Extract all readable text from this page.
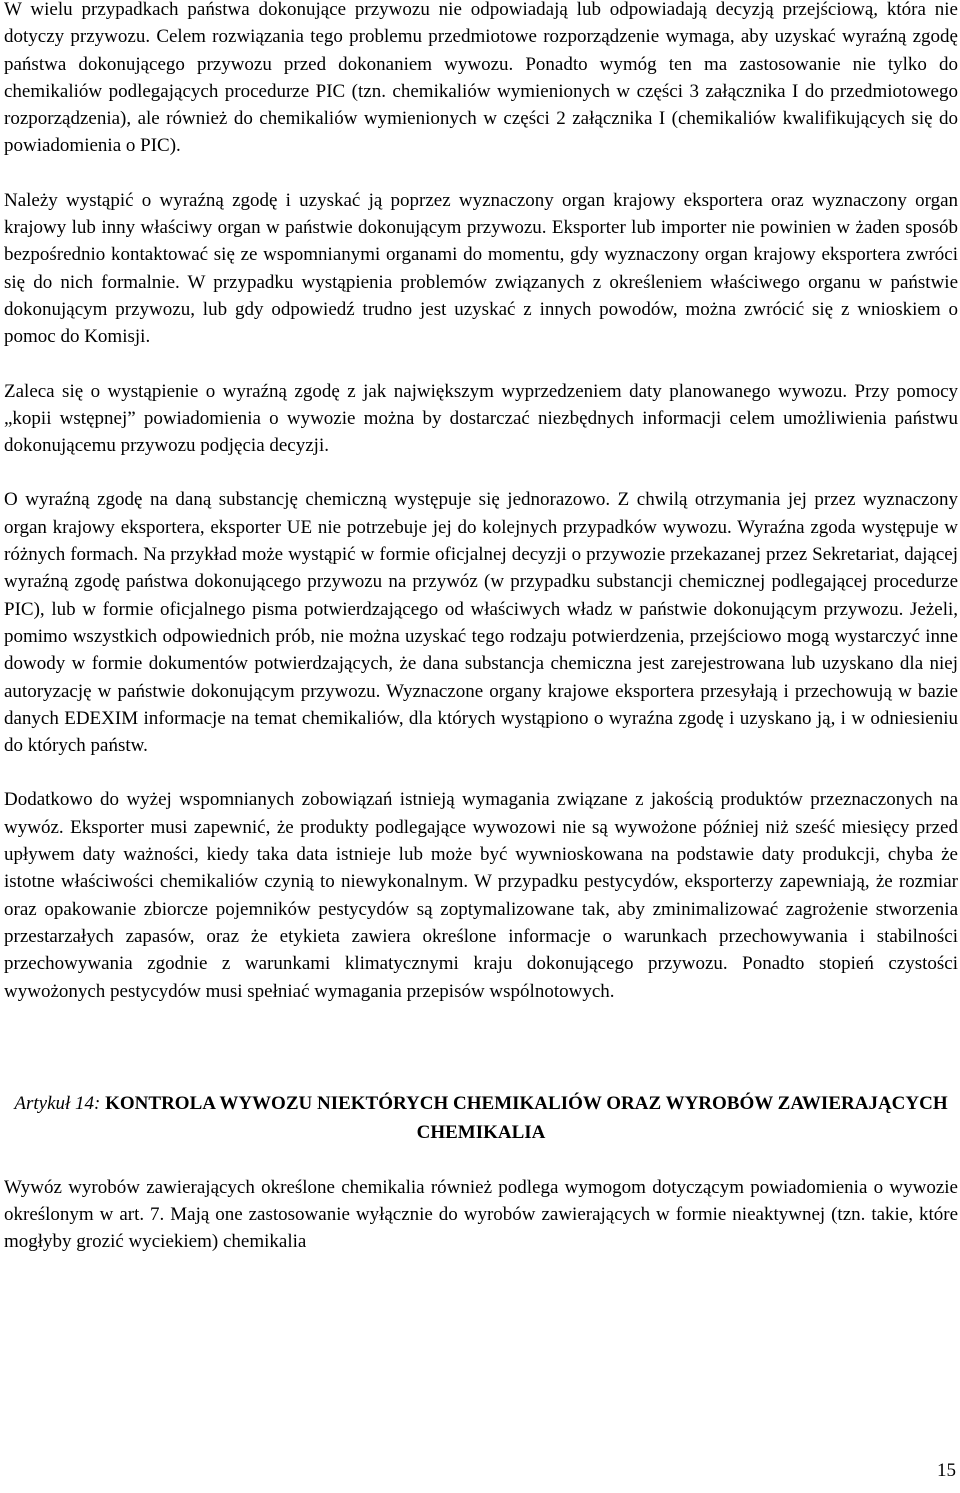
W wielu przypadkach państwa dokonujące przywozu nie odpowiadają lub odpowiadają decyzją przejściową, która nie dotyczy przywozu. Celem rozwiązania tego problemu przedmiotowe rozporządzenie wymaga, aby uzyskać wyraźną zgodę państwa dokonującego przywozu przed dokonaniem wywozu. Ponadto wymóg ten ma zastosowanie nie tylko do chemikaliów podlegających procedurze PIC (tzn. chemikaliów wymienionych w części 3 załącznika I do przedmiotowego rozporządzenia), ale również do chemikaliów wymienionych w części 2 załącznika I (chemikaliów kwalifikujących się do powiadomienia o PIC).

Należy wystąpić o wyraźną zgodę i uzyskać ją poprzez wyznaczony organ krajowy eksportera oraz wyznaczony organ krajowy lub inny właściwy organ w państwie dokonującym przywozu. Eksporter lub importer nie powinien w żaden sposób bezpośrednio kontaktować się ze wspomnianymi organami do momentu, gdy wyznaczony organ krajowy eksportera zwróci się do nich formalnie. W przypadku wystąpienia problemów związanych z określeniem właściwego organu w państwie dokonującym przywozu, lub gdy odpowiedź trudno jest uzyskać z innych powodów, można zwrócić się z wnioskiem o pomoc do Komisji.

Zaleca się o wystąpienie o wyraźną zgodę z jak największym wyprzedzeniem daty planowanego wywozu. Przy pomocy „kopii wstępnej” powiadomienia o wywozie można by dostarczać niezbędnych informacji celem umożliwienia państwu dokonującemu przywozu podjęcia decyzji.

O wyraźną zgodę na daną substancję chemiczną występuje się jednorazowo. Z chwilą otrzymania jej przez wyznaczony organ krajowy eksportera, eksporter UE nie potrzebuje jej do kolejnych przypadków wywozu. Wyraźna zgoda występuje w różnych formach. Na przykład może wystąpić w formie oficjalnej decyzji o przywozie przekazanej przez Sekretariat, dającej wyraźną zgodę państwa dokonującego przywozu na przywóz (w przypadku substancji chemicznej podlegającej procedurze PIC), lub w formie oficjalnego pisma potwierdzającego od właściwych władz w państwie dokonującym przywozu. Jeżeli, pomimo wszystkich odpowiednich prób, nie można uzyskać tego rodzaju potwierdzenia, przejściowo mogą wystarczyć inne dowody w formie dokumentów potwierdzających, że dana substancja chemiczna jest zarejestrowana lub uzyskano dla niej autoryzację w państwie dokonującym przywozu. Wyznaczone organy krajowe eksportera przesyłają i przechowują w bazie danych EDEXIM informacje na temat chemikaliów, dla których wystąpiono o wyraźna zgodę i uzyskano ją, i w odniesieniu do których państw.

Dodatkowo do wyżej wspomnianych zobowiązań istnieją wymagania związane z jakością produktów przeznaczonych na wywóz. Eksporter musi zapewnić, że produkty podlegające wywozowi nie są wywożone później niż sześć miesięcy przed upływem daty ważności, kiedy taka data istnieje lub może być wywnioskowana na podstawie daty produkcji, chyba że istotne właściwości chemikaliów czynią to niewykonalnym. W przypadku pestycydów, eksporterzy zapewniają, że rozmiar oraz opakowanie zbiorcze pojemników pestycydów są zoptymalizowane tak, aby zminimalizować zagrożenie stworzenia przestarzałych zapasów, oraz że etykieta zawiera określone informacje o warunkach przechowywania i stabilności przechowywania zgodnie z warunkami klimatycznymi kraju dokonującego przywozu. Ponadto stopień czystości wywożonych pestycydów musi spełniać wymagania przepisów wspólnotowych.

Artykuł 14: KONTROLA WYWOZU NIEKTÓRYCH CHEMIKALIÓW ORAZ WYROBÓW ZAWIERAJĄCYCH CHEMIKALIA

Wywóz wyrobów zawierających określone chemikalia również podlega wymogom dotyczącym powiadomienia o wywozie określonym w art. 7. Mają one zastosowanie wyłącznie do wyrobów zawierających w formie nieaktywnej (tzn. takie, które mogłyby grozić wyciekiem) chemikalia

15
